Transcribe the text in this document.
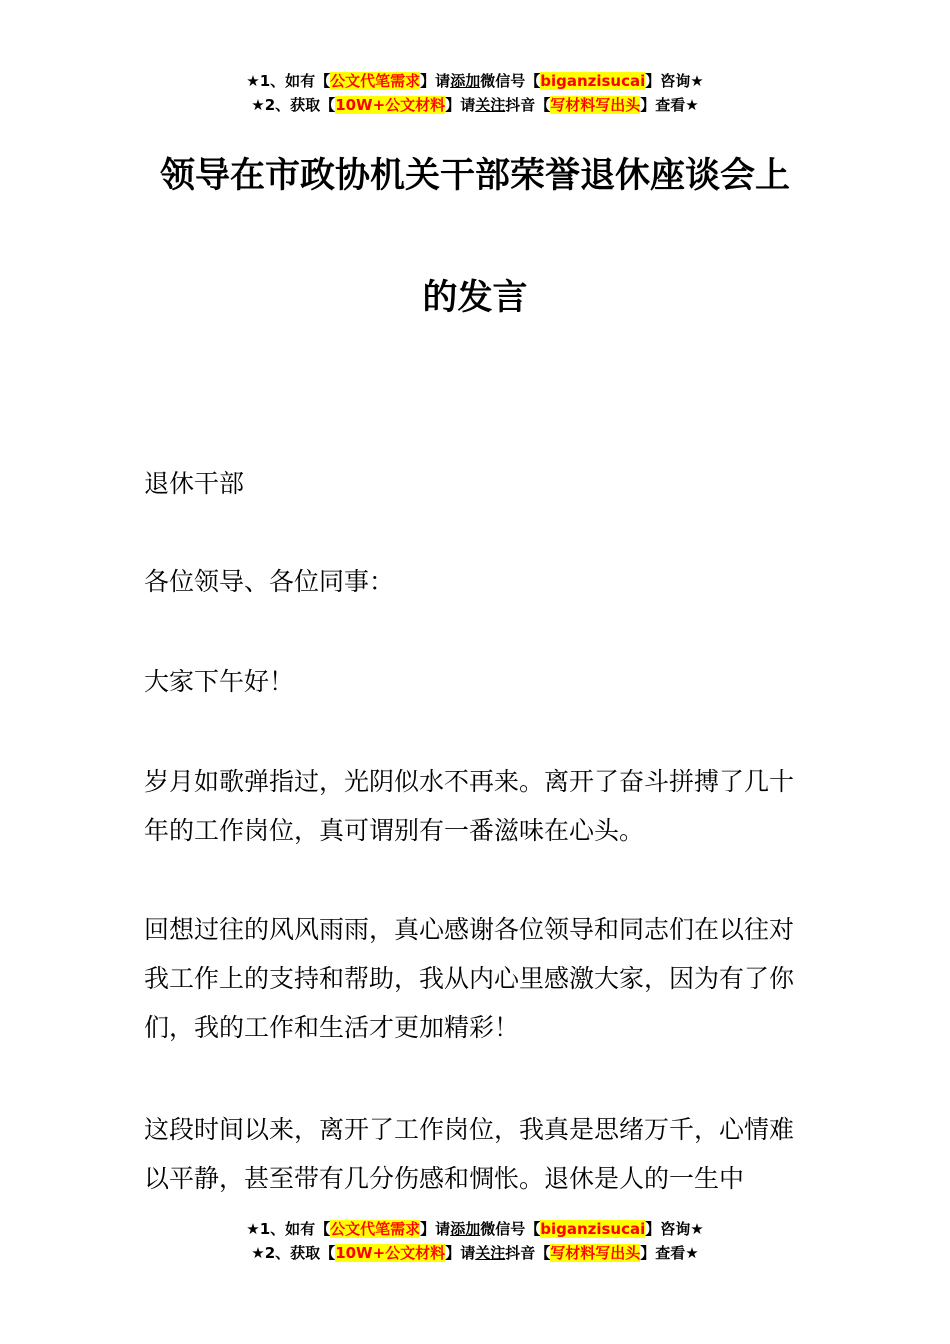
★1、如有【公文代笔需求】请添加微信号【biganzisucai】咨询★
★2、获取【10W+公文材料】请关注抖音【写材料写出头】查看★
领导在市政协机关干部荣誉退休座谈会上
的发言

退休干部

各位领导、各位同事：

大家下午好！

岁月如歌弹指过，光阴似水不再来。离开了奋斗拼搏了几十年的工作岗位，真可谓别有一番滋味在心头。

回想过往的风风雨雨，真心感谢各位领导和同志们在以往对我工作上的支持和帮助，我从内心里感激大家，因为有了你们，我的工作和生活才更加精彩！

这段时间以来，离开了工作岗位，我真是思绪万千，心情难以平静，甚至带有几分伤感和惆怅。退休是人的一生中

★1、如有【公文代笔需求】请添加微信号【biganzisucai】咨询★
★2、获取【10W+公文材料】请关注抖音【写材料写出头】查看★
